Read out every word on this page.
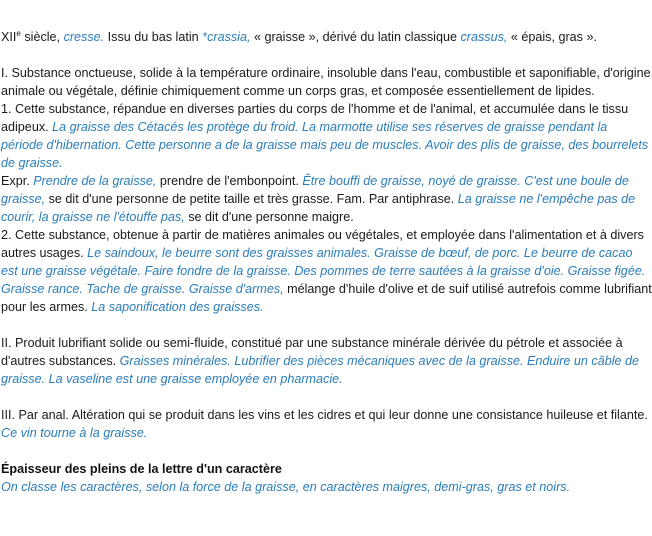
XIIe siècle, cresse. Issu du bas latin *crassia, « graisse », dérivé du latin classique crassus, « épais, gras ».

I. Substance onctueuse, solide à la température ordinaire, insoluble dans l'eau, combustible et saponifiable, d'origine animale ou végétale, définie chimiquement comme un corps gras, et composée essentiellement de lipides.

1. Cette substance, répandue en diverses parties du corps de l'homme et de l'animal, et accumulée dans le tissu adipeux. La graisse des Cétacés les protège du froid. La marmotte utilise ses réserves de graisse pendant la période d'hibernation. Cette personne a de la graisse mais peu de muscles. Avoir des plis de graisse, des bourrelets de graisse.
Expr. Prendre de la graisse, prendre de l'embonpoint. Être bouffi de graisse, noyé de graisse. C'est une boule de graisse, se dit d'une personne de petite taille et très grasse. Fam. Par antiphrase. La graisse ne l'empêche pas de courir, la graisse ne l'étouffe pas, se dit d'une personne maigre.

2. Cette substance, obtenue à partir de matières animales ou végétales, et employée dans l'alimentation et à divers autres usages. Le saindoux, le beurre sont des graisses animales. Graisse de bœuf, de porc. Le beurre de cacao est une graisse végétale. Faire fondre de la graisse. Des pommes de terre sautées à la graisse d'oie. Graisse figée. Graisse rance. Tache de graisse. Graisse d'armes, mélange d'huile d'olive et de suif utilisé autrefois comme lubrifiant pour les armes. La saponification des graisses.

II. Produit lubrifiant solide ou semi-fluide, constitué par une substance minérale dérivée du pétrole et associée à d'autres substances. Graisses minérales. Lubrifier des pièces mécaniques avec de la graisse. Enduire un câble de graisse. La vaseline est une graisse employée en pharmacie.

III. Par anal. Altération qui se produit dans les vins et les cidres et qui leur donne une consistance huileuse et filante.
Ce vin tourne à la graisse.

Épaisseur des pleins de la lettre d'un caractère

On classe les caractères, selon la force de la graisse, en caractères maigres, demi-gras, gras et noirs.
